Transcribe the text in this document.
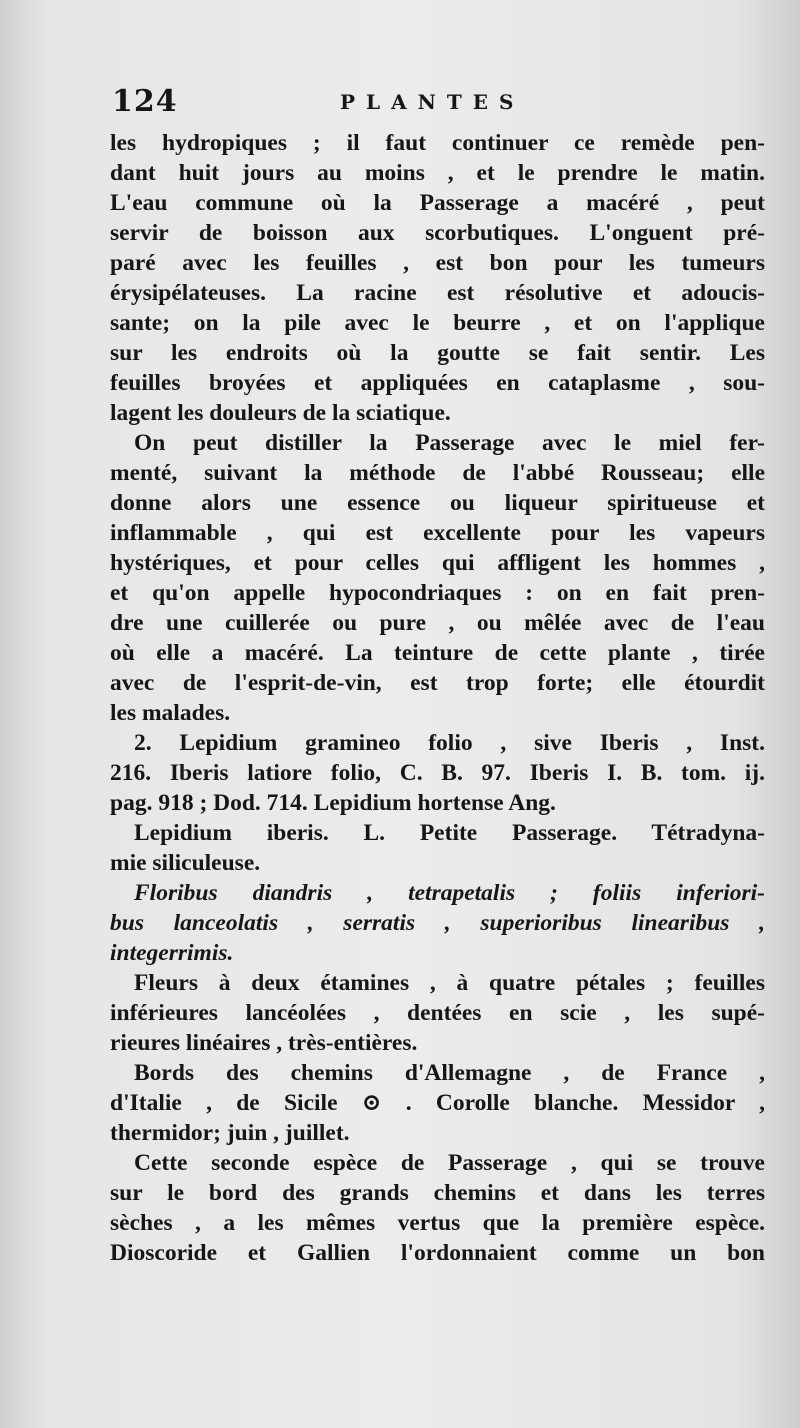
124	PLANTES
les hydropiques ; il faut continuer ce remède pen-
dant huit jours au moins , et le prendre le matin.
L'eau commune où la Passerage a macéré , peut
servir de boisson aux scorbutiques. L'onguent pré-
paré avec les feuilles , est bon pour les tumeurs
érysipélateuses. La racine est résolutive et adoucis-
sante; on la pile avec le beurre , et on l'applique
sur les endroits où la goutte se fait sentir. Les
feuilles broyées et appliquées en cataplasme , sou-
lagent les douleurs de la sciatique.
On peut distiller la Passerage avec le miel fer-
menté, suivant la méthode de l'abbé Rousseau; elle
donne alors une essence ou liqueur spiritueuse et
inflammable , qui est excellente pour les vapeurs
hystériques, et pour celles qui affligent les hommes ,
et qu'on appelle hypocondriaques : on en fait pren-
dre une cuillerée ou pure , ou mêlée avec de l'eau
où elle a macéré. La teinture de cette plante , tirée
avec de l'esprit-de-vin, est trop forte; elle étourdit
les malades.
2. Lepidium gramineo folio , sive Iberis , Inst.
216. Iberis latiore folio, C. B. 97. Iberis I. B. tom. ij.
pag. 918 ; Dod. 714. Lepidium hortense Ang.
Lepidium iberis. L. Petite Passerage. Tétradyna-
mie siliculeuse.
Floribus diandris , tetrapetalis ; foliis inferiori-
bus lanceolatis , serratis , superioribus linearibus ,
integerrimis.
Fleurs à deux étamines , à quatre pétales ; feuilles
inférieures lancéolées , dentées en scie , les supé-
rieures linéaires , très-entières.
Bords des chemins d'Allemagne , de France ,
d'Italie , de Sicile ⊙ . Corolle blanche. Messidor ,
thermidor; juin , juillet.
Cette seconde espèce de Passerage , qui se trouve
sur le bord des grands chemins et dans les terres
sèches , a les mêmes vertus que la première espèce.
Dioscoride et Gallien l'ordonnaient comme un bon
